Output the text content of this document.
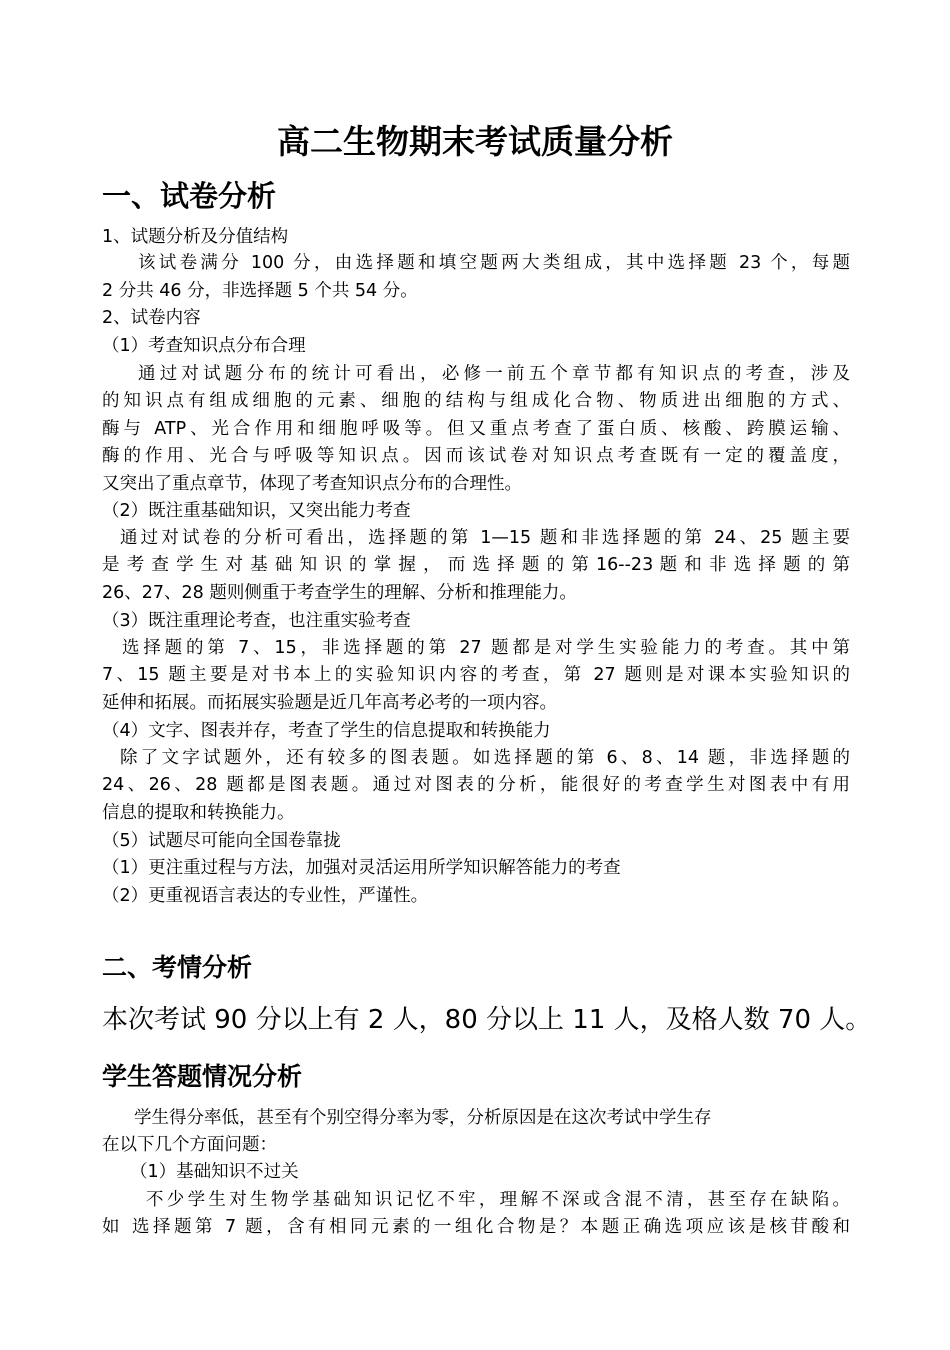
高二生物期末考试质量分析
一、试卷分析
1、试题分析及分值结构
该试卷满分 100 分，由选择题和填空题两大类组成，其中选择题 23 个，每题
2 分共 46 分，非选择题 5 个共 54 分。
2、试卷内容
（1）考查知识点分布合理
通过对试题分布的统计可看出，必修一前五个章节都有知识点的考查，涉及
的知识点有组成细胞的元素、细胞的结构与组成化合物、物质进出细胞的方式、
酶与 ATP、光合作用和细胞呼吸等。但又重点考查了蛋白质、核酸、跨膜运输、
酶的作用、光合与呼吸等知识点。因而该试卷对知识点考查既有一定的覆盖度，
又突出了重点章节，体现了考查知识点分布的合理性。
（2）既注重基础知识，又突出能力考查
通过对试卷的分析可看出，选择题的第 1—15 题和非选择题的第 24、25 题主要
是 考 查 学 生 对 基 础 知 识 的 掌 握 ， 而 选 择 题 的 第 16--23 题 和 非 选 择 题 的 第
26、27、28 题则侧重于考查学生的理解、分析和推理能力。
（3）既注重理论考查，也注重实验考查
选择题的第 7、15，非选择题的第 27 题都是对学生实验能力的考查。其中第
7、15 题主要是对书本上的实验知识内容的考查，第 27 题则是对课本实验知识的
延伸和拓展。而拓展实验题是近几年高考必考的一项内容。
（4）文字、图表并存，考查了学生的信息提取和转换能力
除了文字试题外，还有较多的图表题。如选择题的第 6、8、14 题，非选择题的
24、26、28 题都是图表题。通过对图表的分析，能很好的考查学生对图表中有用
信息的提取和转换能力。
（5）试题尽可能向全国卷靠拢
（1）更注重过程与方法，加强对灵活运用所学知识解答能力的考查
（2）更重视语言表达的专业性，严谨性。
二、考情分析
本次考试 90 分以上有 2 人，80 分以上 11 人，及格人数 70 人。
学生答题情况分析
学生得分率低，甚至有个别空得分率为零，分析原因是在这次考试中学生存
在以下几个方面问题：
（1）基础知识不过关
不少学生对生物学基础知识记忆不牢，理解不深或含混不清，甚至存在缺陷。
如 选择题第 7 题，含有相同元素的一组化合物是？本题正确选项应该是核苷酸和
